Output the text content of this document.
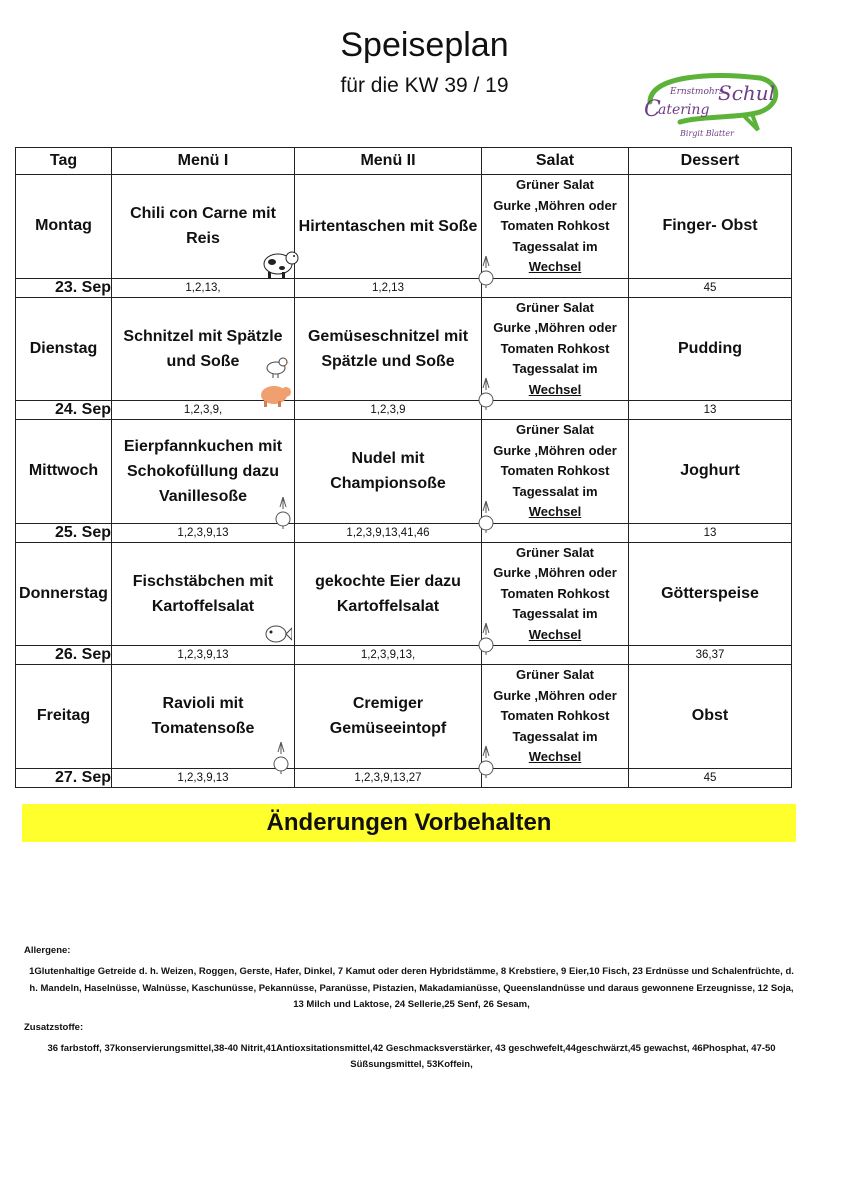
Speiseplan
für die KW 39 / 19	Ernstmohrs
Schul
C
atering
Birgit Blatter
Tag	Menü I	Menü II	Salat	Dessert
Montag	Chili con Carne mit Reis	Hirtentaschen mit Soße	Grüner Salat
Gurke ,Möhren oder
Tomaten Rohkost
Tagessalat im
Wechsel	Finger- Obst
23. Sep	1,2,13,	1,2,13		45
Dienstag	Schnitzel mit Spätzle und Soße	Gemüseschnitzel mit Spätzle und Soße	Grüner Salat
Gurke ,Möhren oder
Tomaten Rohkost
Tagessalat im
Wechsel	Pudding
24. Sep	1,2,3,9,	1,2,3,9		13
Mittwoch	Eierpfannkuchen mit Schokofüllung dazu Vanillesoße	Nudel mit Championsoße	Grüner Salat
Gurke ,Möhren oder
Tomaten Rohkost
Tagessalat im
Wechsel	Joghurt
25. Sep	1,2,3,9,13	1,2,3,9,13,41,46		13
Donnerstag	Fischstäbchen mit Kartoffelsalat	gekochte Eier dazu Kartoffelsalat	Grüner Salat
Gurke ,Möhren oder
Tomaten Rohkost
Tagessalat im
Wechsel	Götterspeise
26. Sep	1,2,3,9,13	1,2,3,9,13,		36,37
Freitag	Ravioli mit Tomatensoße	Cremiger Gemüseeintopf	Grüner Salat
Gurke ,Möhren oder
Tomaten Rohkost
Tagessalat im
Wechsel	Obst
27. Sep	1,2,3,9,13	1,2,3,9,13,27		45
Änderungen Vorbehalten

Allergene:

1Glutenhaltige Getreide d. h. Weizen, Roggen, Gerste, Hafer, Dinkel, 7 Kamut oder deren Hybridstämme, 8 Krebstiere, 9 Eier,10 Fisch, 23 Erdnüsse und Schalenfrüchte, d. h. Mandeln, Haselnüsse, Walnüsse, Kaschunüsse, Pekannüsse, Paranüsse, Pistazien, Makadamianüsse, Queenslandnüsse und daraus gewonnene Erzeugnisse, 12 Soja, 13 Milch und Laktose, 24 Sellerie,25 Senf, 26 Sesam,

Zusatzstoffe:

36 farbstoff, 37konservierungsmittel,38-40 Nitrit,41Antioxsitationsmittel,42 Geschmacksverstärker, 43 geschwefelt,44geschwärzt,45 gewachst, 46Phosphat, 47-50 Süßsungsmittel, 53Koffein,
